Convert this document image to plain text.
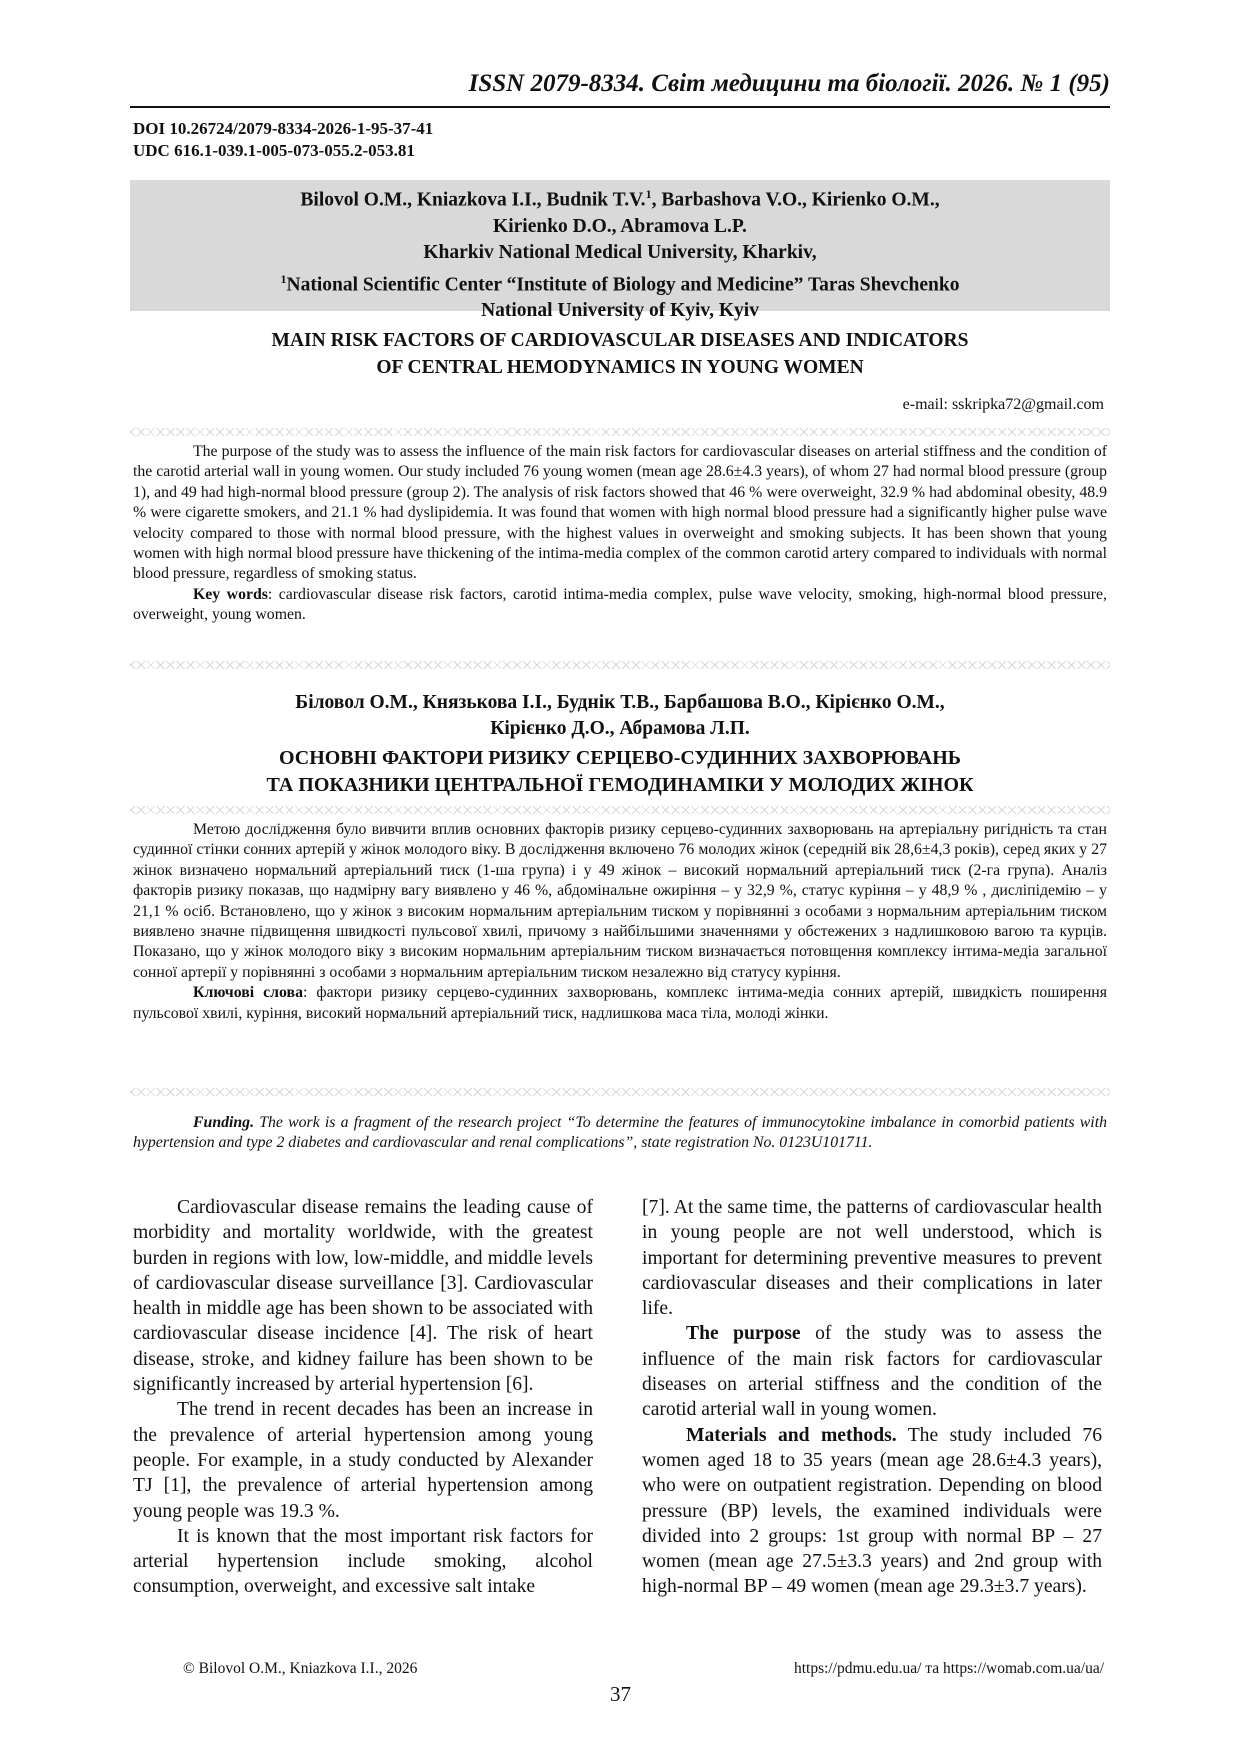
ISSN 2079-8334. Світ медицини та біології. 2026. № 1 (95)
DOI 10.26724/2079-8334-2026-1-95-37-41
UDC 616.1-039.1-005-073-055.2-053.81
Bilovol O.M., Kniazkova I.I., Budnik T.V.$^1$, Barbashova V.O., Kirienko O.M.,
Kirienko D.O., Abramova L.P.
Kharkiv National Medical University, Kharkiv,
$^1$National Scientific Center “Institute of Biology and Medicine” Taras Shevchenko
National University of Kyiv, Kyiv
MAIN RISK FACTORS OF CARDIOVASCULAR DISEASES AND INDICATORS
OF CENTRAL HEMODYNAMICS IN YOUNG WOMEN
e-mail: sskripka72@gmail.com

The purpose of the study was to assess the influence of the main risk factors for cardiovascular diseases on arterial stiffness and the condition of the carotid arterial wall in young women. Our study included 76 young women (mean age 28.6±4.3 years), of whom 27 had normal blood pressure (group 1), and 49 had high-normal blood pressure (group 2). The analysis of risk factors showed that 46 % were overweight, 32.9 % had abdominal obesity, 48.9 % were cigarette smokers, and 21.1 % had dyslipidemia. It was found that women with high normal blood pressure had a significantly higher pulse wave velocity compared to those with normal blood pressure, with the highest values in overweight and smoking subjects. It has been shown that young women with high normal blood pressure have thickening of the intima-media complex of the common carotid artery compared to individuals with normal blood pressure, regardless of smoking status.

Key words: cardiovascular disease risk factors, carotid intima-media complex, pulse wave velocity, smoking, high-normal blood pressure, overweight, young women.

Біловол О.М., Князькова І.І., Буднік Т.В., Барбашова В.О., Кірієнко О.М.,
Кірієнко Д.О., Абрамова Л.П.
ОСНОВНІ ФАКТОРИ РИЗИКУ СЕРЦЕВО-СУДИННИХ ЗАХВОРЮВАНЬ
ТА ПОКАЗНИКИ ЦЕНТРАЛЬНОЇ ГЕМОДИНАМІКИ У МОЛОДИХ ЖІНОК

Метою дослідження було вивчити вплив основних факторів ризику серцево-судинних захворювань на артеріальну ригідність та стан судинної стінки сонних артерій у жінок молодого віку. В дослідження включено 76 молодих жінок (середній вік 28,6±4,3 років), серед яких у 27 жінок визначено нормальний артеріальний тиск (1-ша група) і у 49 жінок – високий нормальний артеріальний тиск (2-га група). Аналіз факторів ризику показав, що надмірну вагу виявлено у 46 %, абдомінальне ожиріння – у 32,9 %, статус куріння – у 48,9 % , дисліпідемію – у 21,1 % осіб. Встановлено, що у жінок з високим нормальним артеріальним тиском у порівнянні з особами з нормальним артеріальним тиском виявлено значне підвищення швидкості пульсової хвилі, причому з найбільшими значеннями у обстежених з надлишковою вагою та курців. Показано, що у жінок молодого віку з високим нормальним артеріальним тиском визначається потовщення комплексу інтима-медіа загальної сонної артерії у порівнянні з особами з нормальним артеріальним тиском незалежно від статусу куріння.

Ключові слова: фактори ризику серцево-судинних захворювань, комплекс інтима-медіа сонних артерій, швидкість поширення пульсової хвилі, куріння, високий нормальний артеріальний тиск, надлишкова маса тіла, молоді жінки.

Funding. The work is a fragment of the research project “To determine the features of immunocytokine imbalance in comorbid patients with hypertension and type 2 diabetes and cardiovascular and renal complications”, state registration No. 0123U101711.

Cardiovascular disease remains the leading cause of morbidity and mortality worldwide, with the greatest burden in regions with low, low-middle, and middle levels of cardiovascular disease surveillance [3]. Cardiovascular health in middle age has been shown to be associated with cardiovascular disease incidence [4]. The risk of heart disease, stroke, and kidney failure has been shown to be significantly increased by arterial hypertension [6].

The trend in recent decades has been an increase in the prevalence of arterial hypertension among young people. For example, in a study conducted by Alexander TJ [1], the prevalence of arterial hypertension among young people was 19.3 %.

It is known that the most important risk factors for arterial hypertension include smoking, alcohol consumption, overweight, and excessive salt intake

[7]. At the same time, the patterns of cardiovascular health in young people are not well understood, which is important for determining preventive measures to prevent cardiovascular diseases and their complications in later life.

The purpose of the study was to assess the influence of the main risk factors for cardiovascular diseases on arterial stiffness and the condition of the carotid arterial wall in young women.

Materials and methods. The study included 76 women aged 18 to 35 years (mean age 28.6±4.3 years), who were on outpatient registration. Depending on blood pressure (BP) levels, the examined individuals were divided into 2 groups: 1st group with normal BP – 27 women (mean age 27.5±3.3 years) and 2nd group with high-normal BP – 49 women (mean age 29.3±3.7 years).

© Bilovol O.M., Kniazkova I.I., 2026	https://pdmu.edu.ua/ та https://womab.com.ua/ua/
37
